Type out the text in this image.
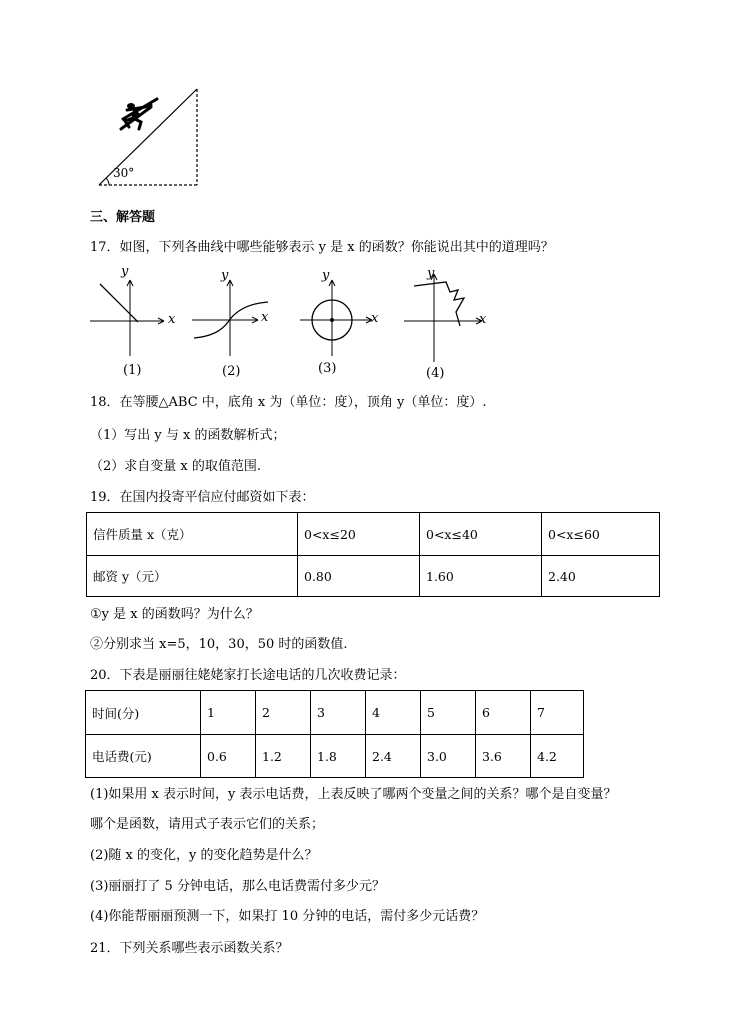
30°
三、解答题
17．如图，下列各曲线中哪些能够表示 y 是 x 的函数？你能说出其中的道理吗？
y
x
(1)
y
x
(2)
y
x
(3)
y
x
(4)
18．在等腰△ABC 中，底角 x 为（单位：度），顶角 y（单位：度）.
（1）写出 y 与 x 的函数解析式；
（2）求自变量 x 的取值范围.
19．在国内投寄平信应付邮资如下表：
信件质量 x（克）	0<x≤20	0<x≤40	0<x≤60
邮资 y（元）	0.80	1.60	2.40
①y 是 x 的函数吗？为什么？
②分别求当 x=5，10，30，50 时的函数值.
20．下表是丽丽往姥姥家打长途电话的几次收费记录：
时间(分)	1	2	3	4	5	6	7
电话费(元)	0.6	1.2	1.8	2.4	3.0	3.6	4.2
(1)如果用 x 表示时间，y 表示电话费，上表反映了哪两个变量之间的关系？哪个是自变量？
哪个是函数，请用式子表示它们的关系；
(2)随 x 的变化，y 的变化趋势是什么？
(3)丽丽打了 5 分钟电话，那么电话费需付多少元？
(4)你能帮丽丽预测一下，如果打 10 分钟的电话，需付多少元话费？
21．下列关系哪些表示函数关系？
